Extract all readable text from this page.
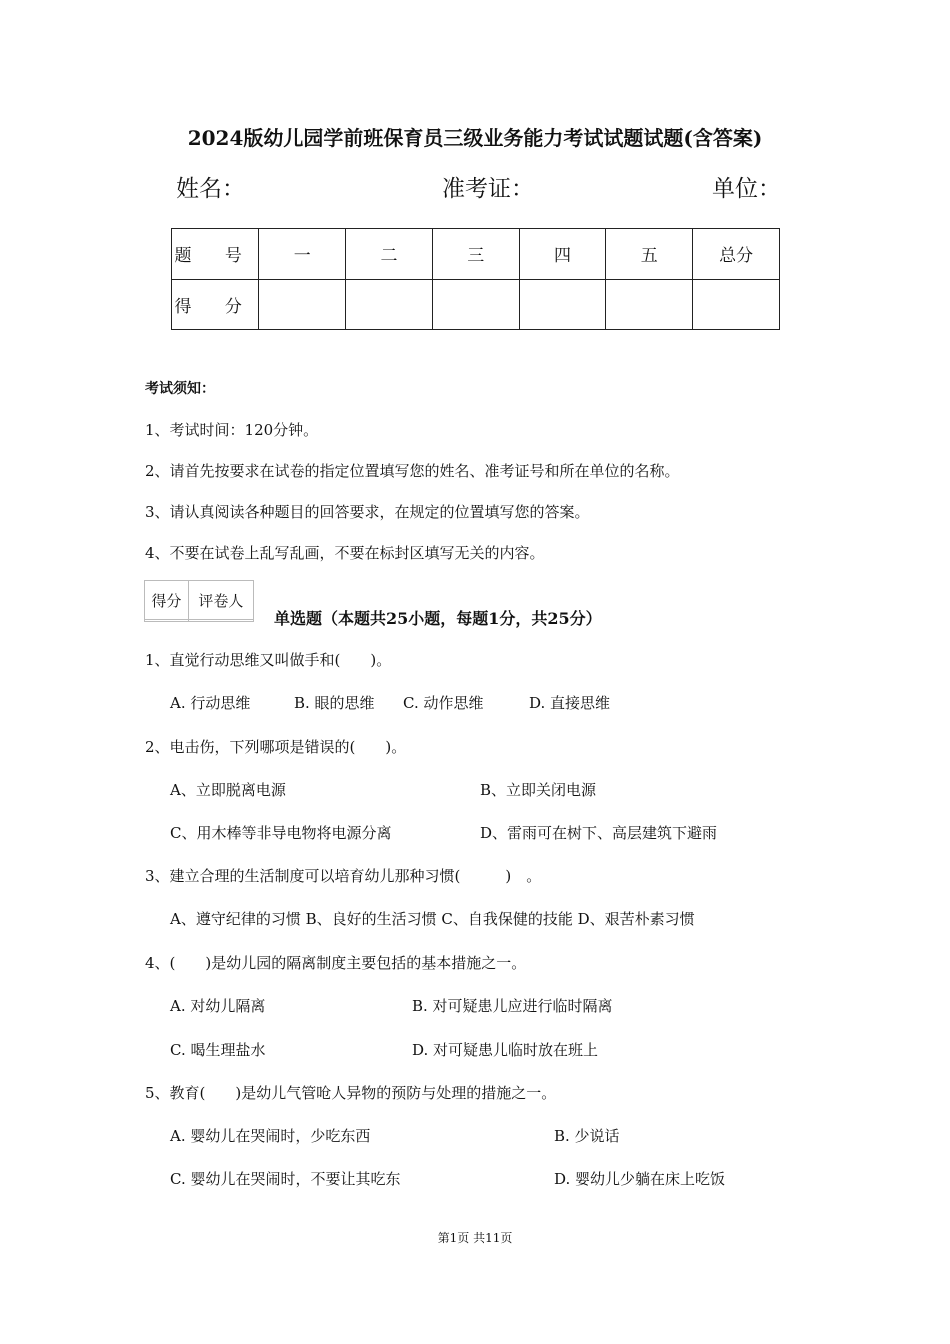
2024版幼儿园学前班保育员三级业务能力考试试题试题(含答案)
姓名：	准考证：	单位：
题 号	一	二	三	四	五	总分
得 分						
考试须知：
1、考试时间：120分钟。
2、请首先按要求在试卷的指定位置填写您的姓名、准考证号和所在单位的名称。
3、请认真阅读各种题目的回答要求，在规定的位置填写您的答案。
4、不要在试卷上乱写乱画，不要在标封区填写无关的内容。
得分	评卷人

单选题（本题共25小题，每题1分，共25分）
1、直觉行动思维又叫做手和(　　)。
A. 行动思维	B. 眼的思维 C. 动作思维	D. 直接思维
2、电击伤，下列哪项是错误的(　　)。
A、立即脱离电源	B、立即关闭电源
C、用木棒等非导电物将电源分离	D、雷雨可在树下、高层建筑下避雨
3、建立合理的生活制度可以培育幼儿那种习惯(　　　)　。
A、遵守纪律的习惯 B、良好的生活习惯 C、自我保健的技能 D、艰苦朴素习惯
4、(　　)是幼儿园的隔离制度主要包括的基本措施之一。
A. 对幼儿隔离	B. 对可疑患儿应进行临时隔离
C. 喝生理盐水	D. 对可疑患儿临时放在班上
5、教育(　　)是幼儿气管呛人异物的预防与处理的措施之一。
A. 婴幼儿在哭闹时，少吃东西	B. 少说话
C. 婴幼儿在哭闹时，不要让其吃东	D. 婴幼儿少躺在床上吃饭
第1页 共11页
